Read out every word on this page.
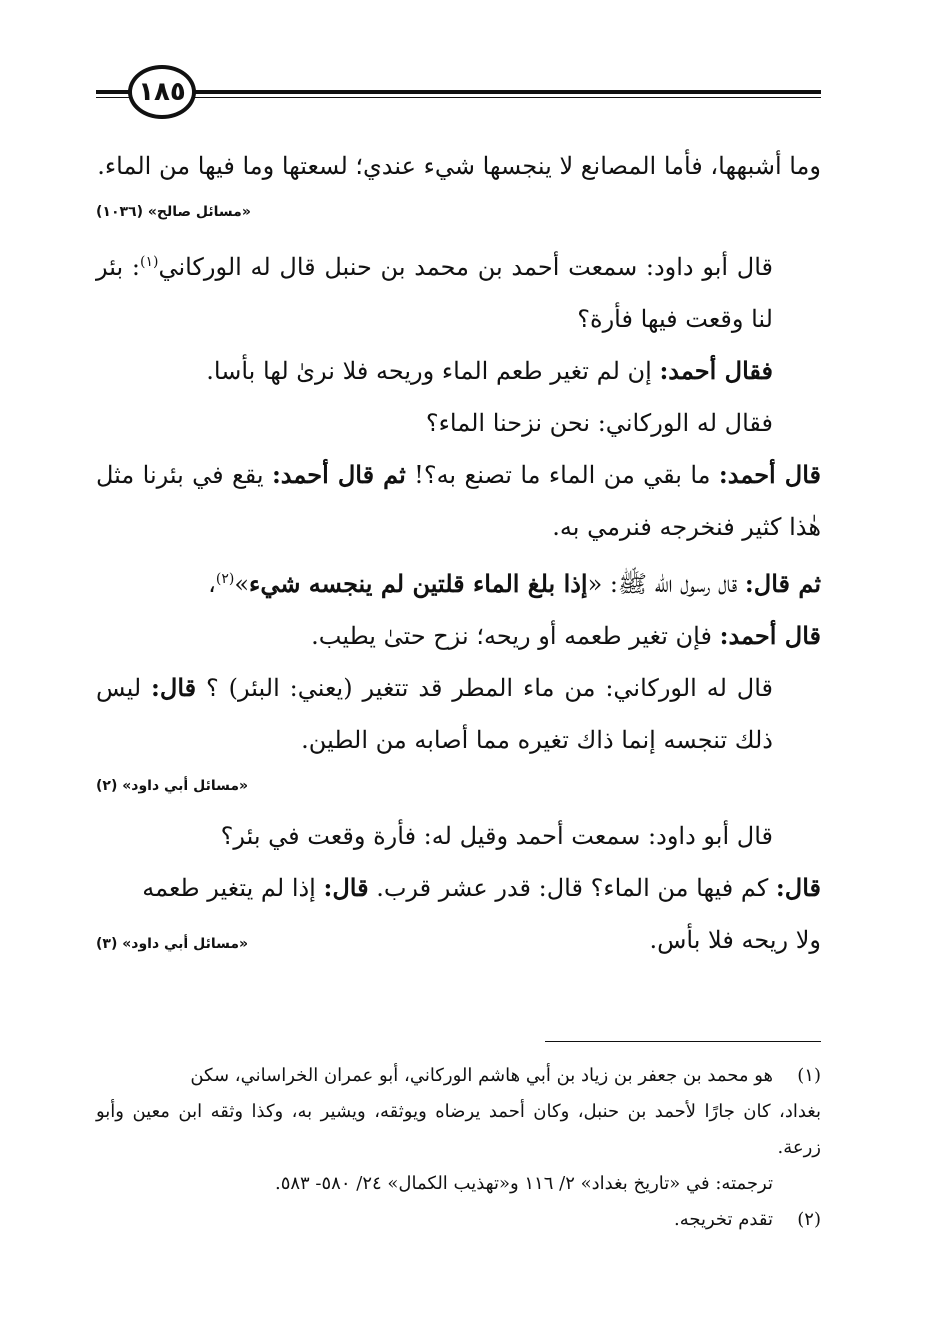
١٨٥

وما أشبهها، فأما المصانع لا ينجسها شيء عندي؛ لسعتها وما فيها من الماء.

«مسائل صالح» (١٠٣٦)

قال أبو داود: سمعت أحمد بن محمد بن حنبل قال له الوركاني$^{(١)}$: بئر لنا وقعت فيها فأرة؟

فقال أحمد: إن لم تغير طعم الماء وريحه فلا نرىٰ لها بأسا.

فقال له الوركاني: نحن نزحنا الماء؟

قال أحمد: ما بقي من الماء ما تصنع به؟! ثم قال أحمد: يقع في بئرنا مثل هٰذا كثير فنخرجه فنرمي به.

ثم قال: قال رسول الله ﷺ: «إذا بلغ الماء قلتين لم ينجسه شيء»$^{(٢)}$،

قال أحمد: فإن تغير طعمه أو ريحه؛ نزح حتىٰ يطيب.

قال له الوركاني: من ماء المطر قد تتغير (يعني: البئر) ؟ قال: ليس ذلك تنجسه إنما ذاك تغيره مما أصابه من الطين.

«مسائل أبي داود» (٢)

قال أبو داود: سمعت أحمد وقيل له: فأرة وقعت في بئر؟

قال: كم فيها من الماء؟ قال: قدر عشر قرب. قال: إذا لم يتغير طعمه

ولا ريحه فلا بأس.
«مسائل أبي داود» (٣)

(١)هو محمد بن جعفر بن زياد بن أبي هاشم الوركاني، أبو عمران الخراساني، سكن

بغداد، كان جارًا لأحمد بن حنبل، وكان أحمد يرضاه ويوثقه، ويشير به، وكذا وثقه ابن معين وأبو زرعة.

ترجمته: في «تاريخ بغداد» ٢/ ١١٦ و«تهذيب الكمال» ٢٤/ ٥٨٠- ٥٨٣.

(٢)تقدم تخريجه.
